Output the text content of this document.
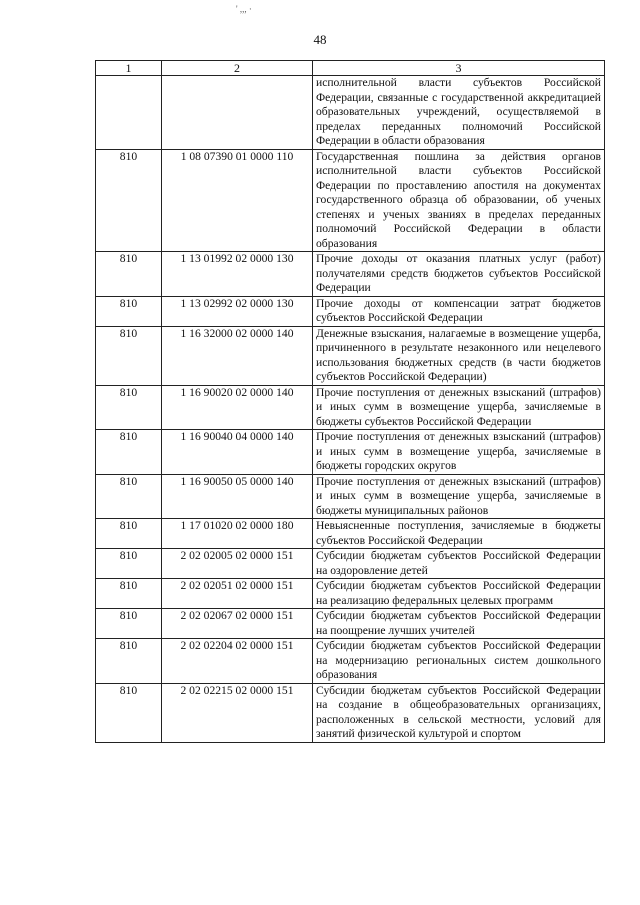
' ,,, ·
48
1	2	3
		исполнительной власти субъектов Российской Федерации, связанные с государственной аккредитацией образовательных учреждений, осуществляемой в пределах переданных полномочий Российской Федерации в области образования
810	1 08 07390 01 0000 110	Государственная пошлина за действия органов исполнительной власти субъектов Российской Федерации по проставлению апостиля на документах государственного образца об образовании, об ученых степенях и ученых званиях в пределах переданных полномочий Российской Федерации в области образования
810	1 13 01992 02 0000 130	Прочие доходы от оказания платных услуг (работ) получателями средств бюджетов субъектов Российской Федерации
810	1 13 02992 02 0000 130	Прочие доходы от компенсации затрат бюджетов субъектов Российской Федерации
810	1 16 32000 02 0000 140	Денежные взыскания, налагаемые в возмещение ущерба, причиненного в результате незаконного или нецелевого использования бюджетных средств (в части бюджетов субъектов Российской Федерации)
810	1 16 90020 02 0000 140	Прочие поступления от денежных взысканий (штрафов) и иных сумм в возмещение ущерба, зачисляемые в бюджеты субъектов Российской Федерации
810	1 16 90040 04 0000 140	Прочие поступления от денежных взысканий (штрафов) и иных сумм в возмещение ущерба, зачисляемые в бюджеты городских округов
810	1 16 90050 05 0000 140	Прочие поступления от денежных взысканий (штрафов) и иных сумм в возмещение ущерба, зачисляемые в бюджеты муниципальных районов
810	1 17 01020 02 0000 180	Невыясненные поступления, зачисляемые в бюджеты субъектов Российской Федерации
810	2 02 02005 02 0000 151	Субсидии бюджетам субъектов Российской Федерации на оздоровление детей
810	2 02 02051 02 0000 151	Субсидии бюджетам субъектов Российской Федерации на реализацию федеральных целевых программ
810	2 02 02067 02 0000 151	Субсидии бюджетам субъектов Российской Федерации на поощрение лучших учителей
810	2 02 02204 02 0000 151	Субсидии бюджетам субъектов Российской Федерации на модернизацию региональных систем дошкольного образования
810	2 02 02215 02 0000 151	Субсидии бюджетам субъектов Российской Федерации на создание в общеобразовательных организациях, расположенных в сельской местности, условий для занятий физической культурой и спортом
